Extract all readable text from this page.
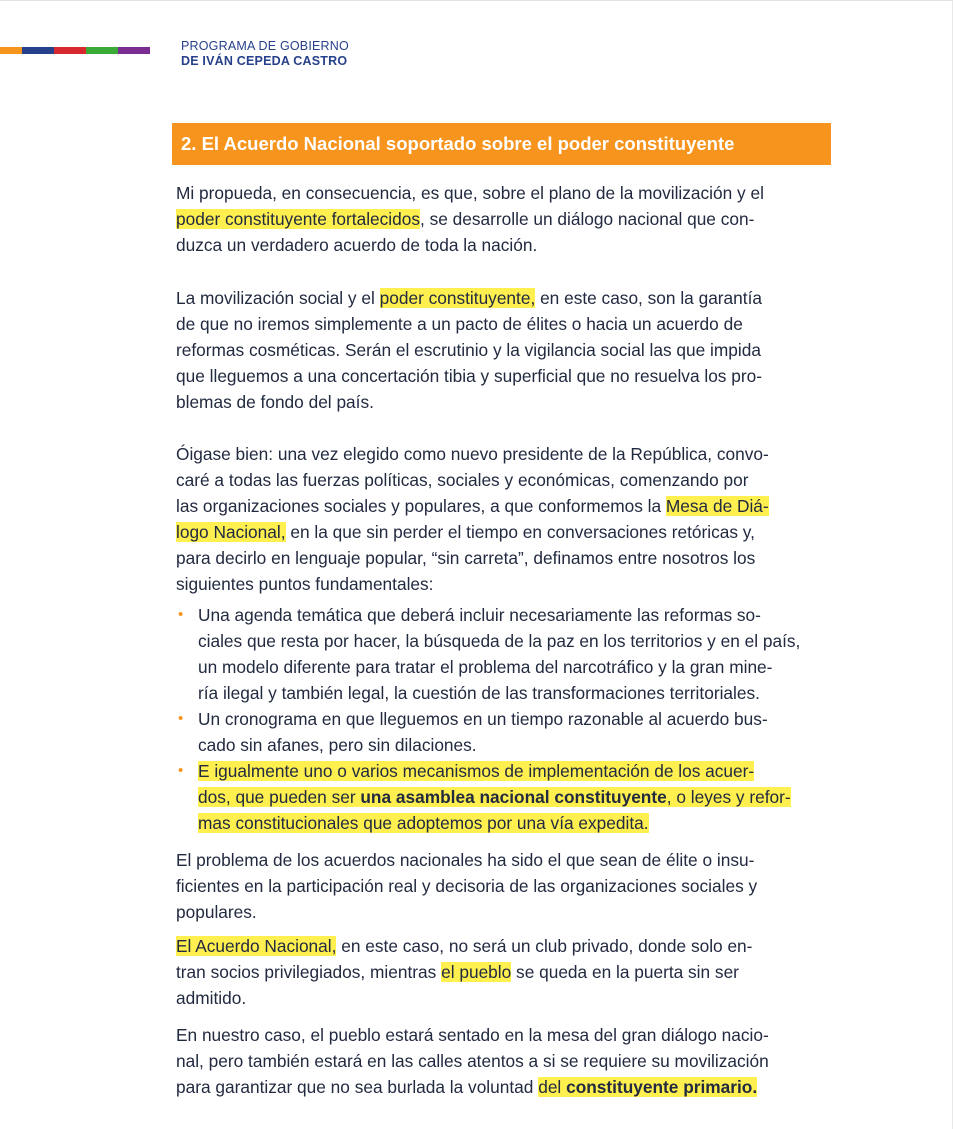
PROGRAMA DE GOBIERNO
DE IVÁN CEPEDA CASTRO
2. El Acuerdo Nacional soportado sobre el poder constituyente
Mi propueda, en consecuencia, es que, sobre el plano de la movilización y el
poder constituyente fortalecidos, se desarrolle un diálogo nacional que con-
duzca un verdadero acuerdo de toda la nación.
La movilización social y el poder constituyente, en este caso, son la garantía
de que no iremos simplemente a un pacto de élites o hacia un acuerdo de
reformas cosméticas. Serán el escrutinio y la vigilancia social las que impida
que lleguemos a una concertación tibia y superficial que no resuelva los pro-
blemas de fondo del país.
Óigase bien: una vez elegido como nuevo presidente de la República, convo-
caré a todas las fuerzas políticas, sociales y económicas, comenzando por
las organizaciones sociales y populares, a que conformemos la Mesa de Diá-
logo Nacional, en la que sin perder el tiempo en conversaciones retóricas y,
para decirlo en lenguaje popular, “sin carreta”, definamos entre nosotros los
siguientes puntos fundamentales:
• Una agenda temática que deberá incluir necesariamente las reformas so-
ciales que resta por hacer, la búsqueda de la paz en los territorios y en el país,
un modelo diferente para tratar el problema del narcotráfico y la gran mine-
ría ilegal y también legal, la cuestión de las transformaciones territoriales.
• Un cronograma en que lleguemos en un tiempo razonable al acuerdo bus-
cado sin afanes, pero sin dilaciones.
• E igualmente uno o varios mecanismos de implementación de los acuer-
dos, que pueden ser una asamblea nacional constituyente, o leyes y refor-
mas constitucionales que adoptemos por una vía expedita.
El problema de los acuerdos nacionales ha sido el que sean de élite o insu-
ficientes en la participación real y decisoria de las organizaciones sociales y
populares.
El Acuerdo Nacional, en este caso, no será un club privado, donde solo en-
tran socios privilegiados, mientras el pueblo se queda en la puerta sin ser
admitido.
En nuestro caso, el pueblo estará sentado en la mesa del gran diálogo nacio-
nal, pero también estará en las calles atentos a si se requiere su movilización
para garantizar que no sea burlada la voluntad del constituyente primario.
